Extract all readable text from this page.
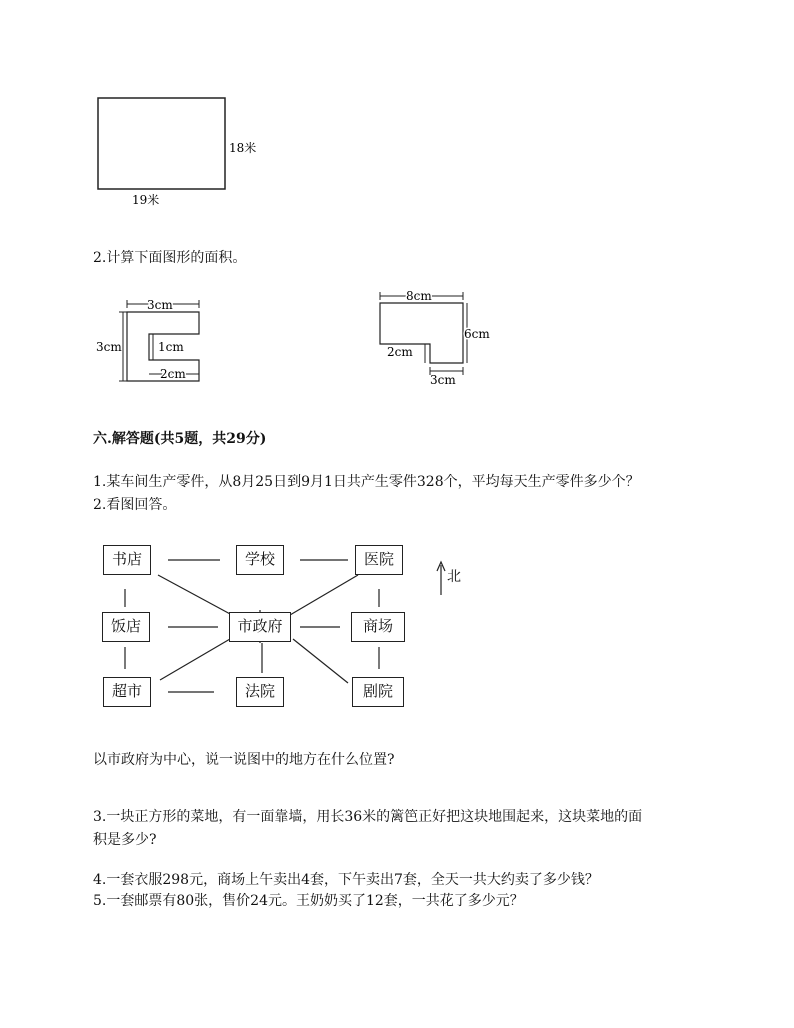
18米
19米
2.计算下面图形的面积。
3cm
3cm	1cm
2cm
8cm
6cm
2cm
3cm
六.解答题(共5题，共29分)
1.某车间生产零件，从8月25日到9月1日共产生零件328个，平均每天生产零件多少个？
2.看图回答。
书店	学校	医院
饭店	市政府	商场
超市	法院	剧院
北
以市政府为中心，说一说图中的地方在什么位置?
3.一块正方形的菜地，有一面靠墙，用长36米的篱笆正好把这块地围起来，这块菜地的面
积是多少?
4.一套衣服298元，商场上午卖出4套，下午卖出7套，全天一共大约卖了多少钱？
5.一套邮票有80张，售价24元。王奶奶买了12套，一共花了多少元？
